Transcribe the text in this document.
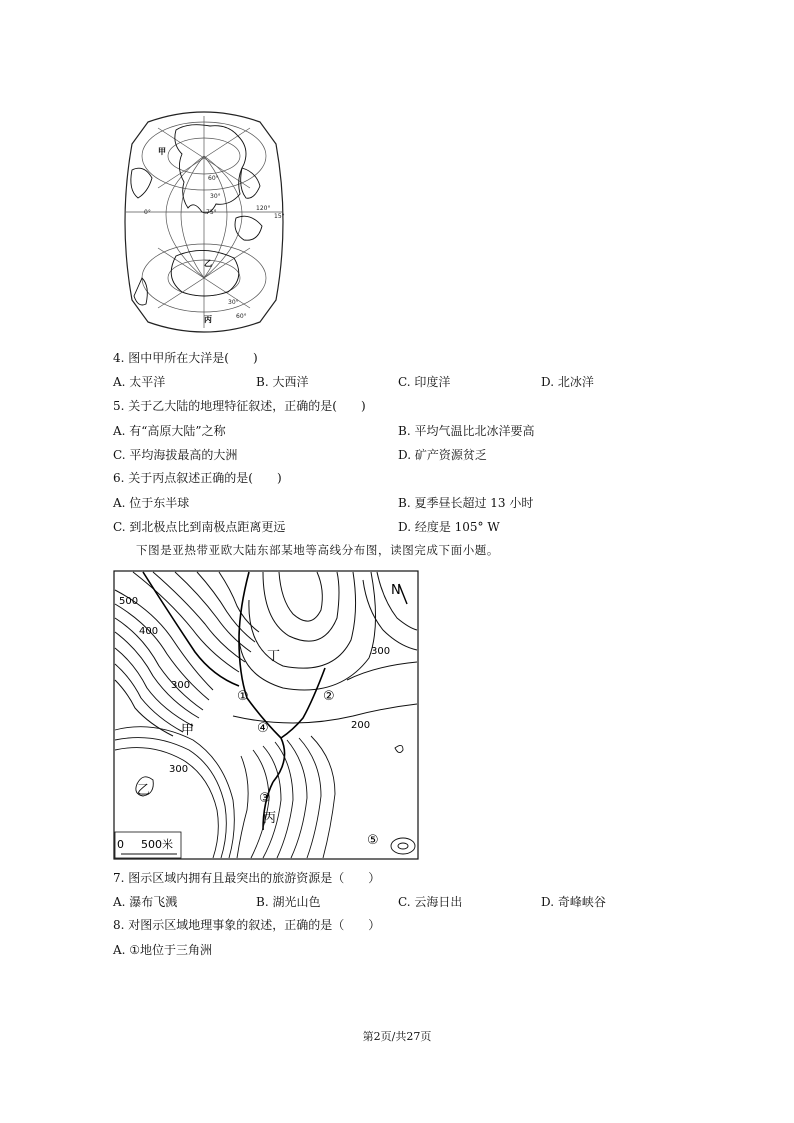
60°
30°
120°
15°
75°
0°
30°
60°
甲
乙
丙
4. 图中甲所在大洋是(　　)
A. 太平洋	B. 大西洋	C. 印度洋	D. 北冰洋
5. 关于乙大陆的地理特征叙述，正确的是(　　)
A. 有“高原大陆”之称	B. 平均气温比北冰洋要高
C. 平均海拔最高的大洲	D. 矿产资源贫乏
6. 关于丙点叙述正确的是(　　)
A. 位于东半球	B. 夏季昼长超过 13 小时
C. 到北极点比到南极点距离更远	D. 经度是 105° W
下图是亚热带亚欧大陆东部某地等高线分布图，读图完成下面小题。
500
400
300
300
300
200
N
丁
甲
乙
丙
①	②
③
④
⑤
0 500米
7. 图示区域内拥有且最突出的旅游资源是（　　）
A. 瀑布飞溅	B. 湖光山色	C. 云海日出	D. 奇峰峡谷
8. 对图示区域地理事象的叙述，正确的是（　　）
A. ①地位于三角洲
第2页/共27页
